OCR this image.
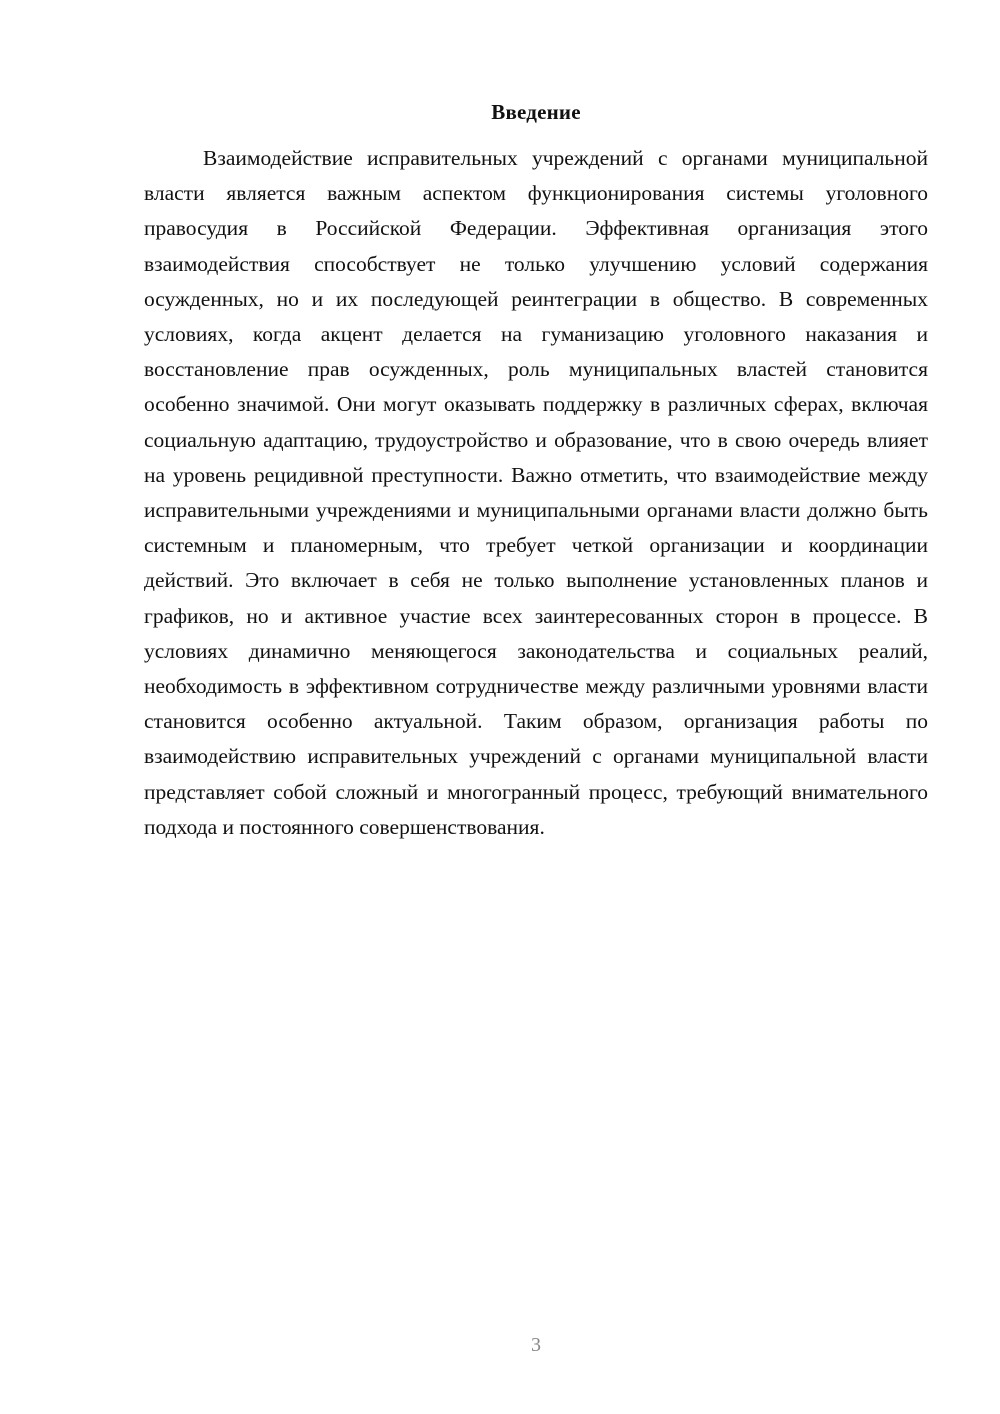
Введение

Взаимодействие исправительных учреждений с органами муниципальной власти является важным аспектом функционирования системы уголовного правосудия в Российской Федерации. Эффективная организация этого взаимодействия способствует не только улучшению условий содержания осужденных, но и их последующей реинтеграции в общество. В современных условиях, когда акцент делается на гуманизацию уголовного наказания и восстановление прав осужденных, роль муниципальных властей становится особенно значимой. Они могут оказывать поддержку в различных сферах, включая социальную адаптацию, трудоустройство и образование, что в свою очередь влияет на уровень рецидивной преступности. Важно отметить, что взаимодействие между исправительными учреждениями и муниципальными органами власти должно быть системным и планомерным, что требует четкой организации и координации действий. Это включает в себя не только выполнение установленных планов и графиков, но и активное участие всех заинтересованных сторон в процессе. В условиях динамично меняющегося законодательства и социальных реалий, необходимость в эффективном сотрудничестве между различными уровнями власти становится особенно актуальной. Таким образом, организация работы по взаимодействию исправительных учреждений с органами муниципальной власти представляет собой сложный и многогранный процесс, требующий внимательного подхода и постоянного совершенствования.

3
